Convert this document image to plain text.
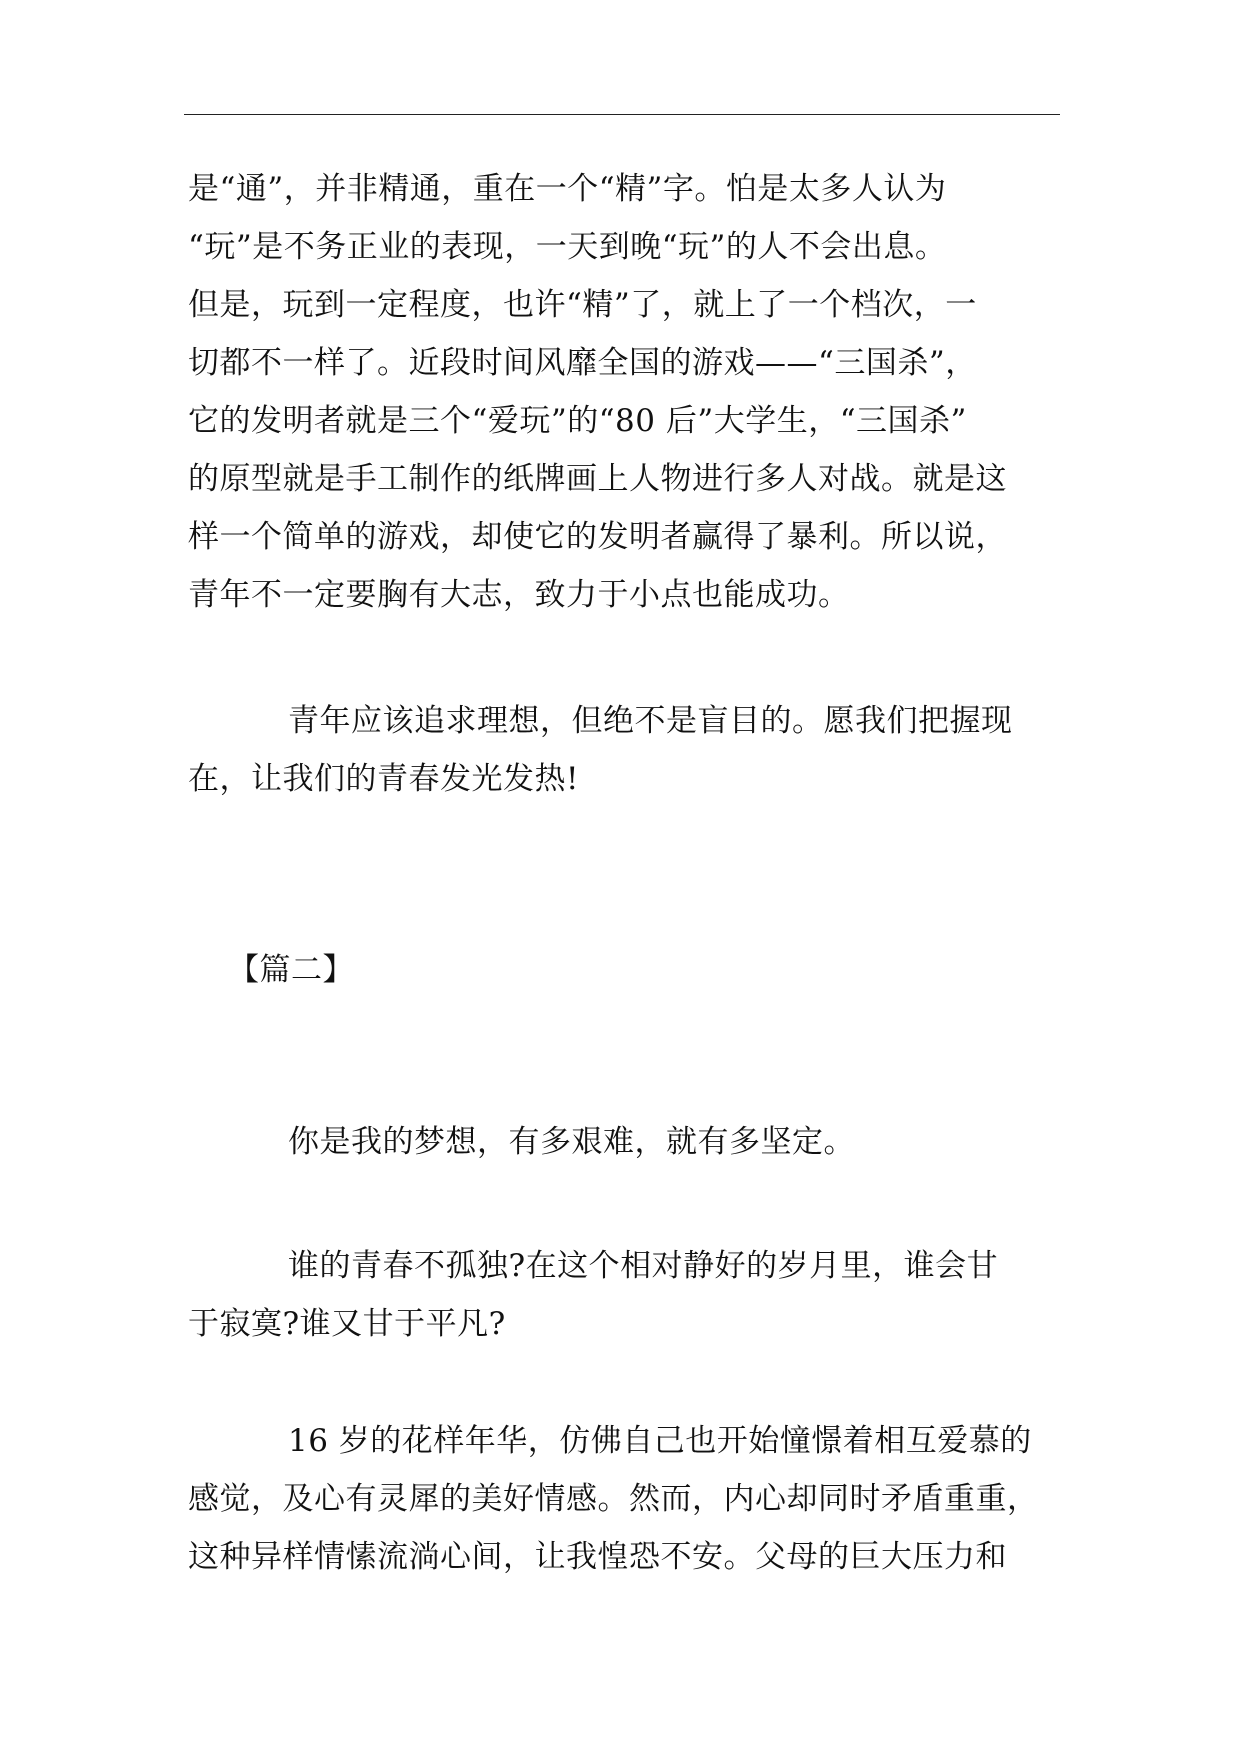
是“通”，并非精通，重在一个“精”字。怕是太多人认为
“玩”是不务正业的表现，一天到晚“玩”的人不会出息。
但是，玩到一定程度，也许“精”了，就上了一个档次，一
切都不一样了。近段时间风靡全国的游戏——“三国杀”，
它的发明者就是三个“爱玩”的“80 后”大学生，“三国杀”
的原型就是手工制作的纸牌画上人物进行多人对战。就是这
样一个简单的游戏，却使它的发明者赢得了暴利。所以说，
青年不一定要胸有大志，致力于小点也能成功。
青年应该追求理想，但绝不是盲目的。愿我们把握现
在，让我们的青春发光发热!
【篇二】
你是我的梦想，有多艰难，就有多坚定。
谁的青春不孤独?在这个相对静好的岁月里，谁会甘
于寂寞?谁又甘于平凡?
16 岁的花样年华，仿佛自己也开始憧憬着相互爱慕的
感觉，及心有灵犀的美好情感。然而，内心却同时矛盾重重，
这种异样情愫流淌心间，让我惶恐不安。父母的巨大压力和
